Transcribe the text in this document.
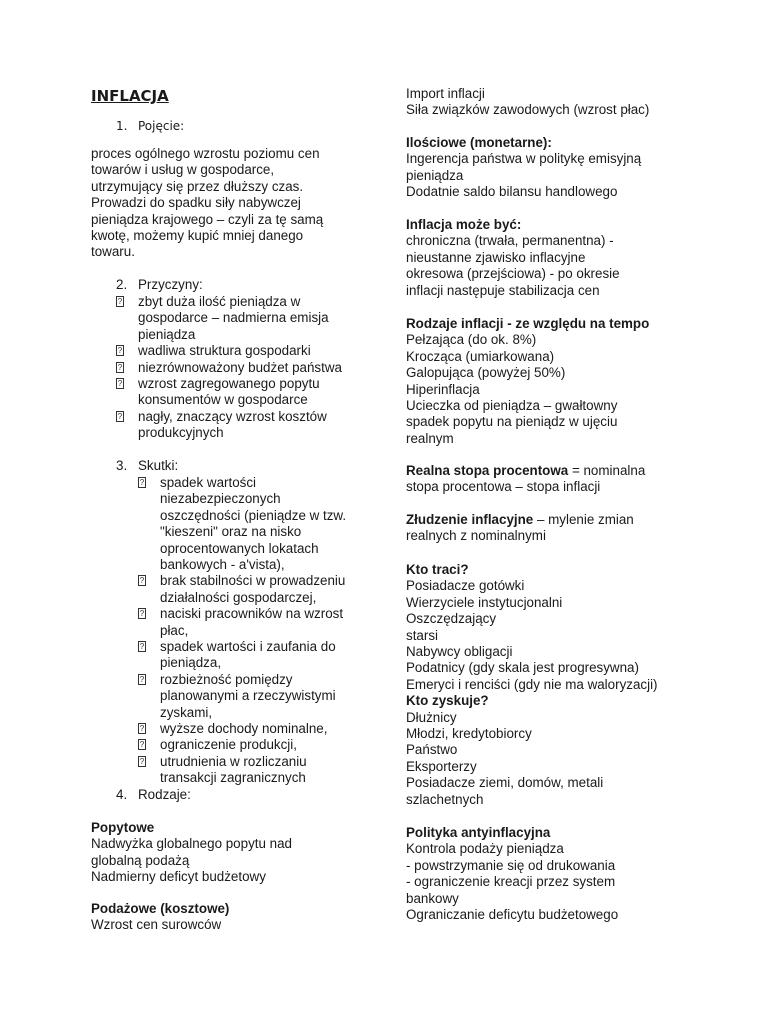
INFLACJA
1. Pojęcie:

proces ogólnego wzrostu poziomu cen

towarów i usług w gospodarce,

utrzymujący się przez dłuższy czas.

Prowadzi do spadku siły nabywczej

pieniądza krajowego – czyli za tę samą

kwotę, możemy kupić mniej danego

towaru.

2. Przyczyny:
? zbyt duża ilość pieniądza w
gospodarce – nadmierna emisja
pieniądza
? wadliwa struktura gospodarki
? niezrównoważony budżet państwa
? wzrost zagregowanego popytu
konsumentów w gospodarce
? nagły, znaczący wzrost kosztów
produkcyjnych
3. Skutki:
? spadek wartości
niezabezpieczonych
oszczędności (pieniądze w tzw.
"kieszeni" oraz na nisko
oprocentowanych lokatach
bankowych - a'vista),
? brak stabilności w prowadzeniu
działalności gospodarczej,
? naciski pracowników na wzrost
płac,
? spadek wartości i zaufania do
pieniądza,
? rozbieżność pomiędzy
planowanymi a rzeczywistymi
zyskami,
? wyższe dochody nominalne,
? ograniczenie produkcji,
? utrudnienia w rozliczaniu
transakcji zagranicznych
4. Rodzaje:

Popytowe

Nadwyżka globalnego popytu nad

globalną podażą

Nadmierny deficyt budżetowy

Podażowe (kosztowe)

Wzrost cen surowców

Import inflacji

Siła związków zawodowych (wzrost płac)

Ilościowe (monetarne):

Ingerencja państwa w politykę emisyjną

pieniądza

Dodatnie saldo bilansu handlowego

Inflacja może być:

chroniczna (trwała, permanentna) -

nieustanne zjawisko inflacyjne

okresowa (przejściowa) - po okresie

inflacji następuje stabilizacja cen

Rodzaje inflacji - ze względu na tempo

Pełzająca (do ok. 8%)

Krocząca (umiarkowana)

Galopująca (powyżej 50%)

Hiperinflacja

Ucieczka od pieniądza – gwałtowny

spadek popytu na pieniądz w ujęciu

realnym

Realna stopa procentowa = nominalna

stopa procentowa – stopa inflacji

Złudzenie inflacyjne – mylenie zmian

realnych z nominalnymi

Kto traci?

Posiadacze gotówki

Wierzyciele instytucjonalni

Oszczędzający

starsi

Nabywcy obligacji

Podatnicy (gdy skala jest progresywna)

Emeryci i renciści (gdy nie ma waloryzacji)

Kto zyskuje?

Dłużnicy

Młodzi, kredytobiorcy

Państwo

Eksporterzy

Posiadacze ziemi, domów, metali

szlachetnych

Polityka antyinflacyjna

Kontrola podaży pieniądza

- powstrzymanie się od drukowania

- ograniczenie kreacji przez system

bankowy

Ograniczanie deficytu budżetowego
